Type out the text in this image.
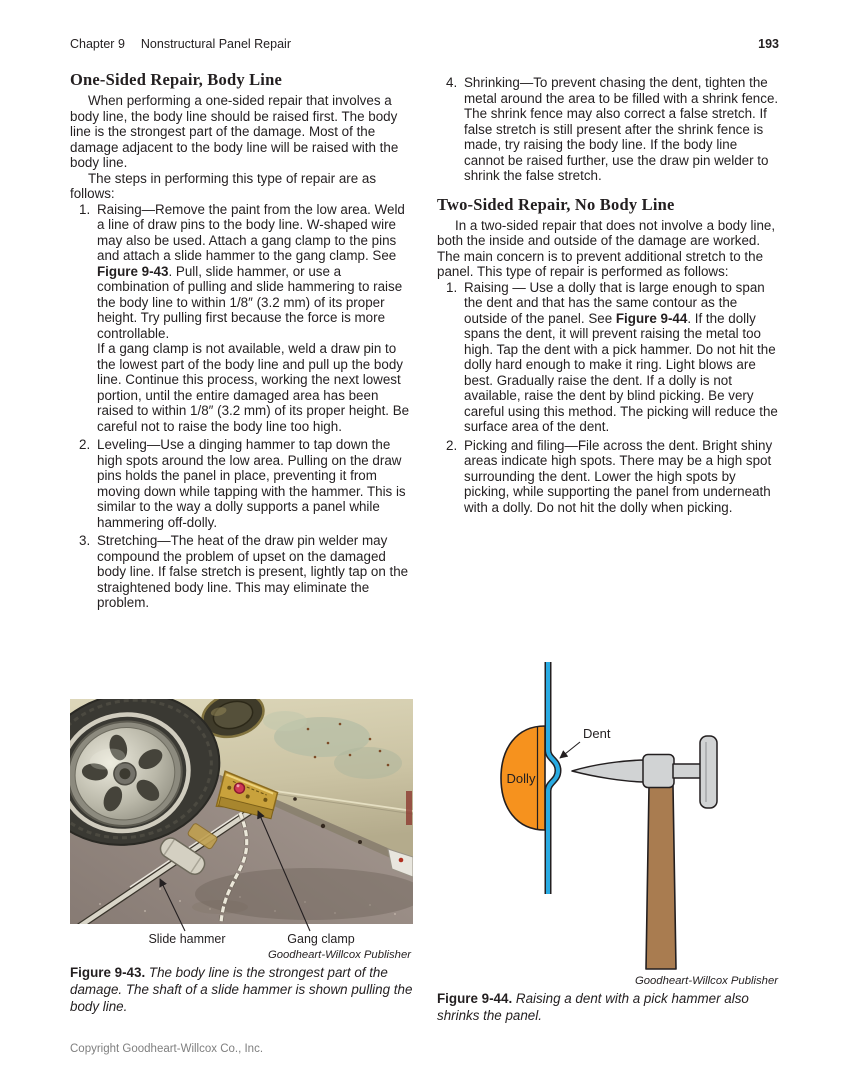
Chapter 9 Nonstructural Panel Repair	193
One-Sided Repair, Body Line

When performing a one-sided repair that involves a body line, the body line should be raised first. The body line is the strongest part of the damage. Most of the damage adjacent to the body line will be raised with the body line.

The steps in performing this type of repair are as follows:

1. Raising—Remove the paint from the low area. Weld a line of draw pins to the body line. W-shaped wire may also be used. Attach a gang clamp to the pins and attach a slide hammer to the gang clamp. See Figure 9-43. Pull, slide hammer, or use a combination of pulling and slide hammering to raise the body line to within 1/8″ (3.2 mm) of its proper height. Try pulling first because the force is more controllable.

If a gang clamp is not available, weld a draw pin to the lowest part of the body line and pull up the body line. Continue this process, working the next lowest portion, until the entire damaged area has been raised to within 1/8″ (3.2 mm) of its proper height. Be careful not to raise the body line too high.

2. Leveling—Use a dinging hammer to tap down the high spots around the low area. Pulling on the draw pins holds the panel in place, preventing it from moving down while tapping with the hammer. This is similar to the way a dolly supports a panel while hammering off-dolly.

3. Stretching—The heat of the draw pin welder may compound the problem of upset on the damaged body line. If false stretch is present, lightly tap on the straightened body line. This may eliminate the problem.

4. Shrinking—To prevent chasing the dent, tighten the metal around the area to be filled with a shrink fence. The shrink fence may also correct a false stretch. If false stretch is still present after the shrink fence is made, try raising the body line. If the body line cannot be raised further, use the draw pin welder to shrink the false stretch.

Two-Sided Repair, No Body Line

In a two-sided repair that does not involve a body line, both the inside and outside of the damage are worked. The main concern is to prevent additional stretch to the panel. This type of repair is performed as follows:

1. Raising — Use a dolly that is large enough to span the dent and that has the same contour as the outside of the panel. See Figure 9-44. If the dolly spans the dent, it will prevent raising the metal too high. Tap the dent with a pick hammer. Do not hit the dolly hard enough to make it ring. Light blows are best. Gradually raise the dent. If a dolly is not available, raise the dent by blind picking. Be very careful using this method. The picking will reduce the surface area of the dent.

2. Picking and filing—File across the dent. Bright shiny areas indicate high spots. There may be a high spot surrounding the dent. Lower the high spots by picking, while supporting the panel from underneath with a dolly. Do not hit the dolly when picking.

Slide hammer	Gang clamp
Goodheart-Willcox Publisher

Figure 9-43. The body line is the strongest part of the damage. The shaft of a slide hammer is shown pulling the body line.

Dolly
Dent
Goodheart-Willcox Publisher

Figure 9-44. Raising a dent with a pick hammer also shrinks the panel.

Copyright Goodheart-Willcox Co., Inc.
